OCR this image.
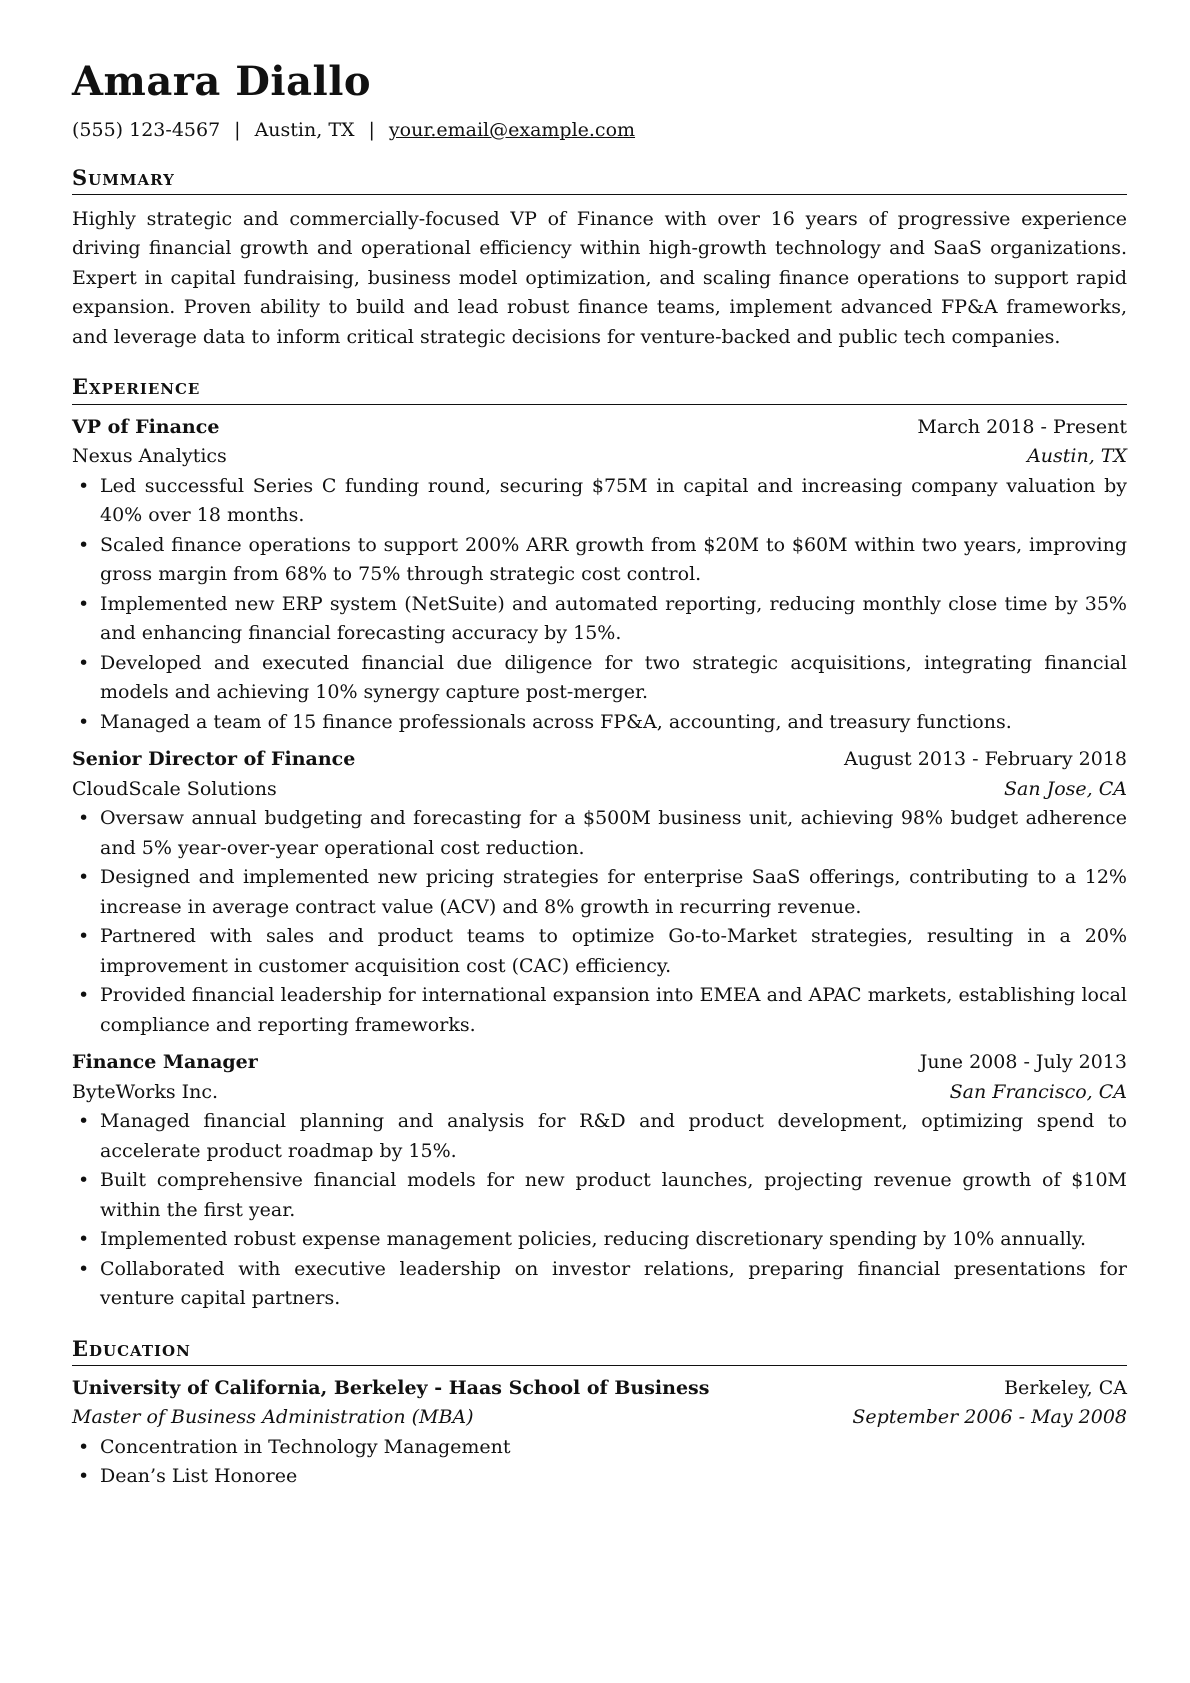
Amara Diallo
(555) 123-4567 | Austin, TX | your.email@example.com
Summary
Highly strategic and commercially-focused VP of Finance with over 16 years of progressive experience driving financial growth and operational efficiency within high-growth technology and SaaS organizations. Expert in capital fundraising, business model optimization, and scaling finance operations to support rapid expansion. Proven ability to build and lead robust finance teams, implement advanced FP&A frameworks, and leverage data to inform critical strategic decisions for venture-backed and public tech companies.
Experience
VP of Finance	March 2018 - Present
Nexus Analytics	Austin, TX
• Led successful Series C funding round, securing $75M in capital and increasing company valuation by 40% over 18 months.
• Scaled finance operations to support 200% ARR growth from $20M to $60M within two years, improving gross margin from 68% to 75% through strategic cost control.
• Implemented new ERP system (NetSuite) and automated reporting, reducing monthly close time by 35% and enhancing financial forecasting accuracy by 15%.
• Developed and executed financial due diligence for two strategic acquisitions, integrating financial models and achieving 10% synergy capture post-merger.
• Managed a team of 15 finance professionals across FP&A, accounting, and treasury functions.
Senior Director of Finance	August 2013 - February 2018
CloudScale Solutions	San Jose, CA
• Oversaw annual budgeting and forecasting for a $500M business unit, achieving 98% budget adherence and 5% year-over-year operational cost reduction.
• Designed and implemented new pricing strategies for enterprise SaaS offerings, contributing to a 12% increase in average contract value (ACV) and 8% growth in recurring revenue.
• Partnered with sales and product teams to optimize Go-to-Market strategies, resulting in a 20% improvement in customer acquisition cost (CAC) efficiency.
• Provided financial leadership for international expansion into EMEA and APAC markets, establishing local compliance and reporting frameworks.
Finance Manager	June 2008 - July 2013
ByteWorks Inc.	San Francisco, CA
• Managed financial planning and analysis for R&D and product development, optimizing spend to accelerate product roadmap by 15%.
• Built comprehensive financial models for new product launches, projecting revenue growth of $10M within the first year.
• Implemented robust expense management policies, reducing discretionary spending by 10% annually.
• Collaborated with executive leadership on investor relations, preparing financial presentations for venture capital partners.
Education
University of California, Berkeley - Haas School of Business	Berkeley, CA
Master of Business Administration (MBA)	September 2006 - May 2008
• Concentration in Technology Management
• Dean’s List Honoree
